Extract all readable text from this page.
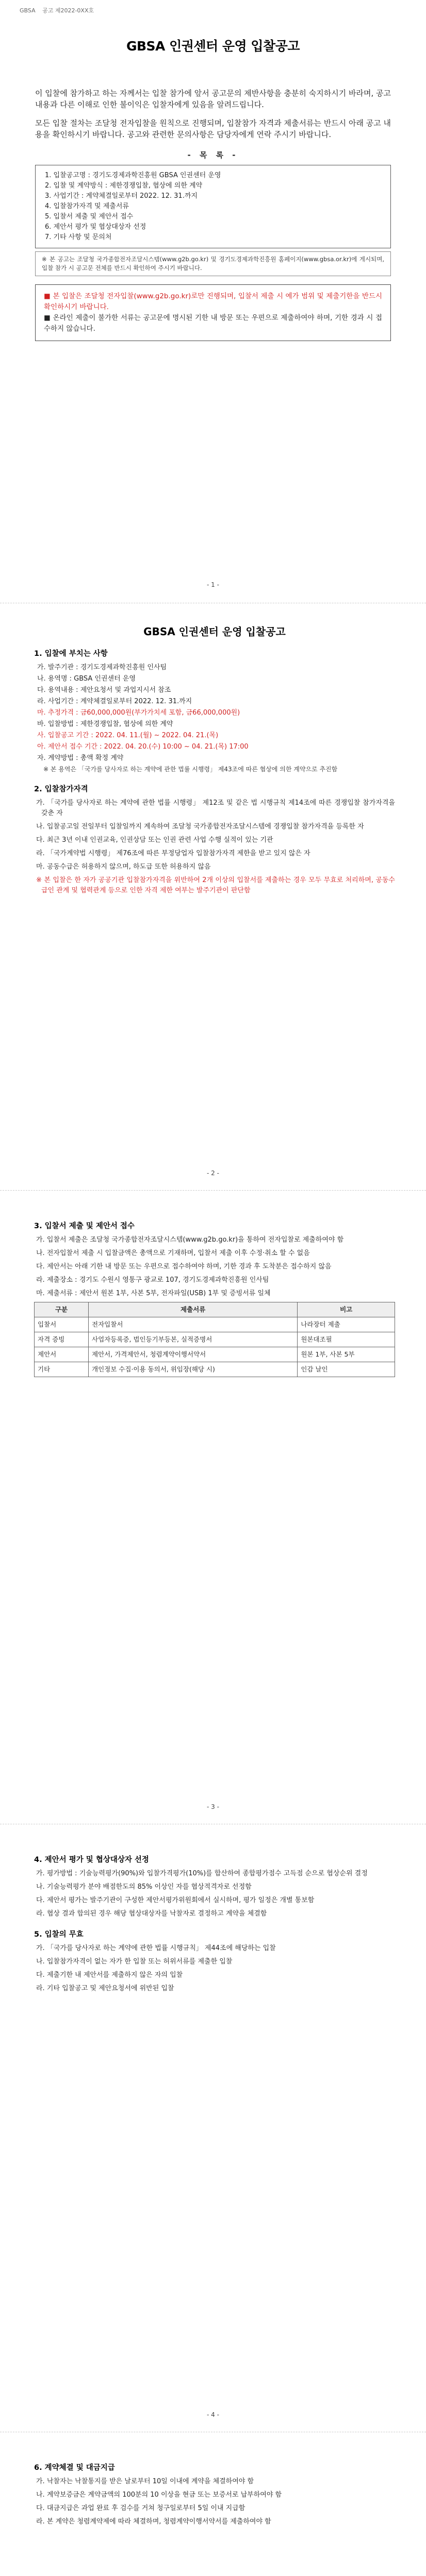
GBSA 공고 제2022-0XX호
GBSA 인권센터 운영 입찰공고

이 입찰에 참가하고 하는 자께서는 입찰 참가에 앞서 공고문의 제반사항을 충분히 숙지하시기 바라며, 공고 내용과 다른 이해로 인한 불이익은 입찰자에게 있음을 알려드립니다.

모든 입찰 절차는 조달청 전자입찰을 원칙으로 진행되며, 입찰참가 자격과 제출서류는 반드시 아래 공고 내용을 확인하시기 바랍니다. 공고와 관련한 문의사항은 담당자에게 연락 주시기 바랍니다.

- 목 록 -
1. 입찰공고명 : 경기도경제과학진흥원 GBSA 인권센터 운영
2. 입찰 및 계약방식 : 제한경쟁입찰, 협상에 의한 계약
3. 사업기간 : 계약체결일로부터 2022. 12. 31.까지
4. 입찰참가자격 및 제출서류
5. 입찰서 제출 및 제안서 접수
6. 제안서 평가 및 협상대상자 선정
7. 기타 사항 및 문의처
※ 본 공고는 조달청 국가종합전자조달시스템(www.g2b.go.kr) 및 경기도경제과학진흥원 홈페이지(www.gbsa.or.kr)에 게시되며, 입찰 참가 시 공고문 전체를 반드시 확인하여 주시기 바랍니다.
■ 본 입찰은 조달청 전자입찰(www.g2b.go.kr)로만 진행되며, 입찰서 제출 시 예가 범위 및 제출기한을 반드시 확인하시기 바랍니다.
■ 온라인 제출이 불가한 서류는 공고문에 명시된 기한 내 방문 또는 우편으로 제출하여야 하며, 기한 경과 시 접수하지 않습니다.
- 1 -
GBSA 인권센터 운영 입찰공고
1. 입찰에 부치는 사항
가. 발주기관 : 경기도경제과학진흥원 인사팀
나. 용역명 : GBSA 인권센터 운영
다. 용역내용 : 제안요청서 및 과업지시서 참조
라. 사업기간 : 계약체결일로부터 2022. 12. 31.까지
마. 추정가격 : 금60,000,000원(부가가치세 포함, 금66,000,000원)
바. 입찰방법 : 제한경쟁입찰, 협상에 의한 계약
사. 입찰공고 기간 : 2022. 04. 11.(월) ~ 2022. 04. 21.(목)
아. 제안서 접수 기간 : 2022. 04. 20.(수) 10:00 ~ 04. 21.(목) 17:00
자. 계약방법 : 총액 확정 계약
※ 본 용역은 「국가를 당사자로 하는 계약에 관한 법률 시행령」 제43조에 따른 협상에 의한 계약으로 추진함
2. 입찰참가자격
가. 「국가를 당사자로 하는 계약에 관한 법률 시행령」 제12조 및 같은 법 시행규칙 제14조에 따른 경쟁입찰 참가자격을 갖춘 자
나. 입찰공고일 전일부터 입찰일까지 계속하여 조달청 국가종합전자조달시스템에 경쟁입찰 참가자격을 등록한 자
다. 최근 3년 이내 인권교육, 인권상담 또는 인권 관련 사업 수행 실적이 있는 기관
라. 「국가계약법 시행령」 제76조에 따른 부정당업자 입찰참가자격 제한을 받고 있지 않은 자
마. 공동수급은 허용하지 않으며, 하도급 또한 허용하지 않음
※ 본 입찰은 한 자가 공공기관 입찰참가자격을 위반하여 2개 이상의 입찰서를 제출하는 경우 모두 무효로 처리하며, 공동수급인 관계 및 협력관계 등으로 인한 자격 제한 여부는 발주기관이 판단함
- 2 -
3. 입찰서 제출 및 제안서 접수
가. 입찰서 제출은 조달청 국가종합전자조달시스템(www.g2b.go.kr)을 통하여 전자입찰로 제출하여야 함
나. 전자입찰서 제출 시 입찰금액은 총액으로 기재하며, 입찰서 제출 이후 수정·취소 할 수 없음
다. 제안서는 아래 기한 내 방문 또는 우편으로 접수하여야 하며, 기한 경과 후 도착분은 접수하지 않음
라. 제출장소 : 경기도 수원시 영통구 광교로 107, 경기도경제과학진흥원 인사팀
마. 제출서류 : 제안서 원본 1부, 사본 5부, 전자파일(USB) 1부 및 증빙서류 일체
구분	제출서류	비고
입찰서	전자입찰서	나라장터 제출
자격 증빙	사업자등록증, 법인등기부등본, 실적증명서	원본대조필
제안서	제안서, 가격제안서, 청렴계약이행서약서	원본 1부, 사본 5부
기타	개인정보 수집·이용 동의서, 위임장(해당 시)	인감 날인
- 3 -
4. 제안서 평가 및 협상대상자 선정
가. 평가방법 : 기술능력평가(90%)와 입찰가격평가(10%)를 합산하여 종합평가점수 고득점 순으로 협상순위 결정
나. 기술능력평가 분야 배점한도의 85% 이상인 자를 협상적격자로 선정함
다. 제안서 평가는 발주기관이 구성한 제안서평가위원회에서 실시하며, 평가 일정은 개별 통보함
라. 협상 결과 합의된 경우 해당 협상대상자를 낙찰자로 결정하고 계약을 체결함
5. 입찰의 무효
가. 「국가를 당사자로 하는 계약에 관한 법률 시행규칙」 제44조에 해당하는 입찰
나. 입찰참가자격이 없는 자가 한 입찰 또는 허위서류를 제출한 입찰
다. 제출기한 내 제안서를 제출하지 않은 자의 입찰
라. 기타 입찰공고 및 제안요청서에 위반된 입찰
- 4 -
6. 계약체결 및 대금지급
가. 낙찰자는 낙찰통지를 받은 날로부터 10일 이내에 계약을 체결하여야 함
나. 계약보증금은 계약금액의 100분의 10 이상을 현금 또는 보증서로 납부하여야 함
다. 대금지급은 과업 완료 후 검수를 거쳐 청구일로부터 5일 이내 지급함
라. 본 계약은 청렴계약제에 따라 체결하며, 청렴계약이행서약서를 제출하여야 함
